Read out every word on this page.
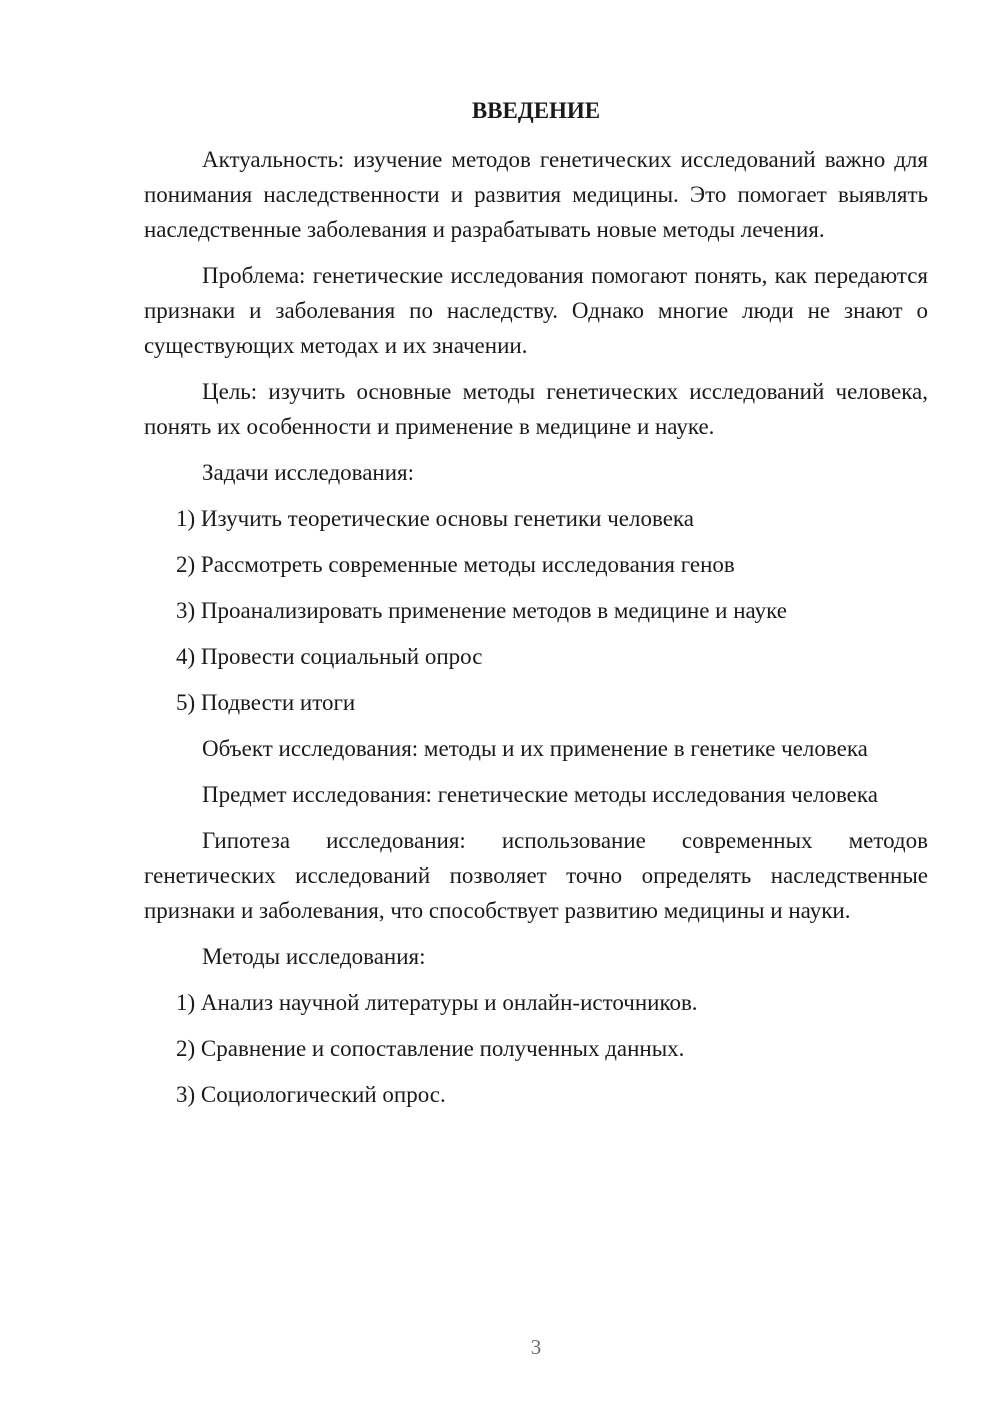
ВВЕДЕНИЕ

Актуальность: изучение методов генетических исследований важно для понимания наследственности и развития медицины. Это помогает выявлять наследственные заболевания и разрабатывать новые методы лечения.

Проблема: генетические исследования помогают понять, как передаются признаки и заболевания по наследству. Однако многие люди не знают о существующих методах и их значении.

Цель: изучить основные методы генетических исследований человека, понять их особенности и применение в медицине и науке.

Задачи исследования:

1) Изучить теоретические основы генетики человека

2) Рассмотреть современные методы исследования генов

3) Проанализировать применение методов в медицине и науке

4) Провести социальный опрос

5) Подвести итоги

Объект исследования: методы и их применение в генетике человека

Предмет исследования: генетические методы исследования человека

Гипотеза исследования: использование современных методов генетических исследований позволяет точно определять наследственные признаки и заболевания, что способствует развитию медицины и науки.

Методы исследования:

1) Анализ научной литературы и онлайн-источников.

2) Сравнение и сопоставление полученных данных.

3) Социологический опрос.

3
